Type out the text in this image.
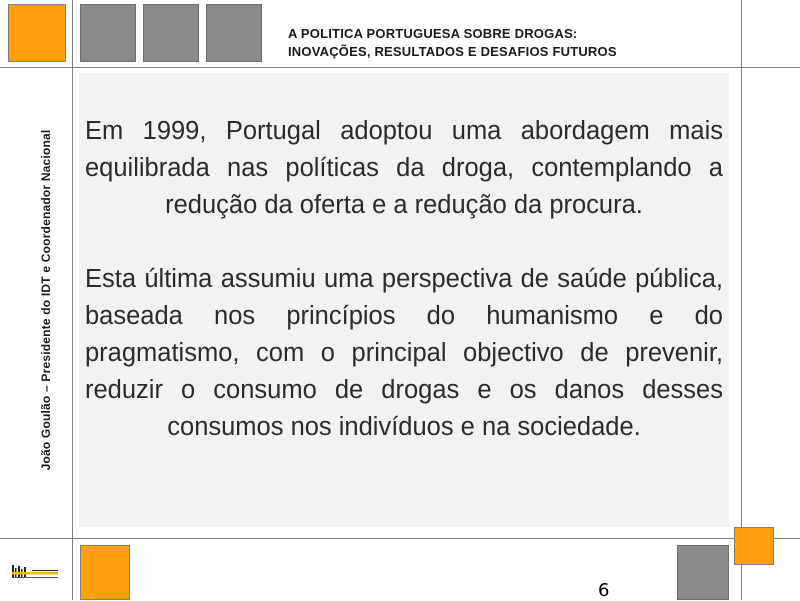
A POLITICA PORTUGUESA SOBRE DROGAS:
INOVAÇÕES, RESULTADOS E DESAFIOS FUTUROS
João Goulão – Presidente do IDT e Coordenador Nacional Em 1999, Portugal adoptou uma abordagem mais equilibrada nas políticas da droga, contemplando a redução da oferta e a redução da procura.

Esta última assumiu uma perspectiva de saúde pública, baseada nos princípios do humanismo e do pragmatismo, com o principal objectivo de prevenir, reduzir o consumo de drogas e os danos desses consumos nos indivíduos e na sociedade.

6
